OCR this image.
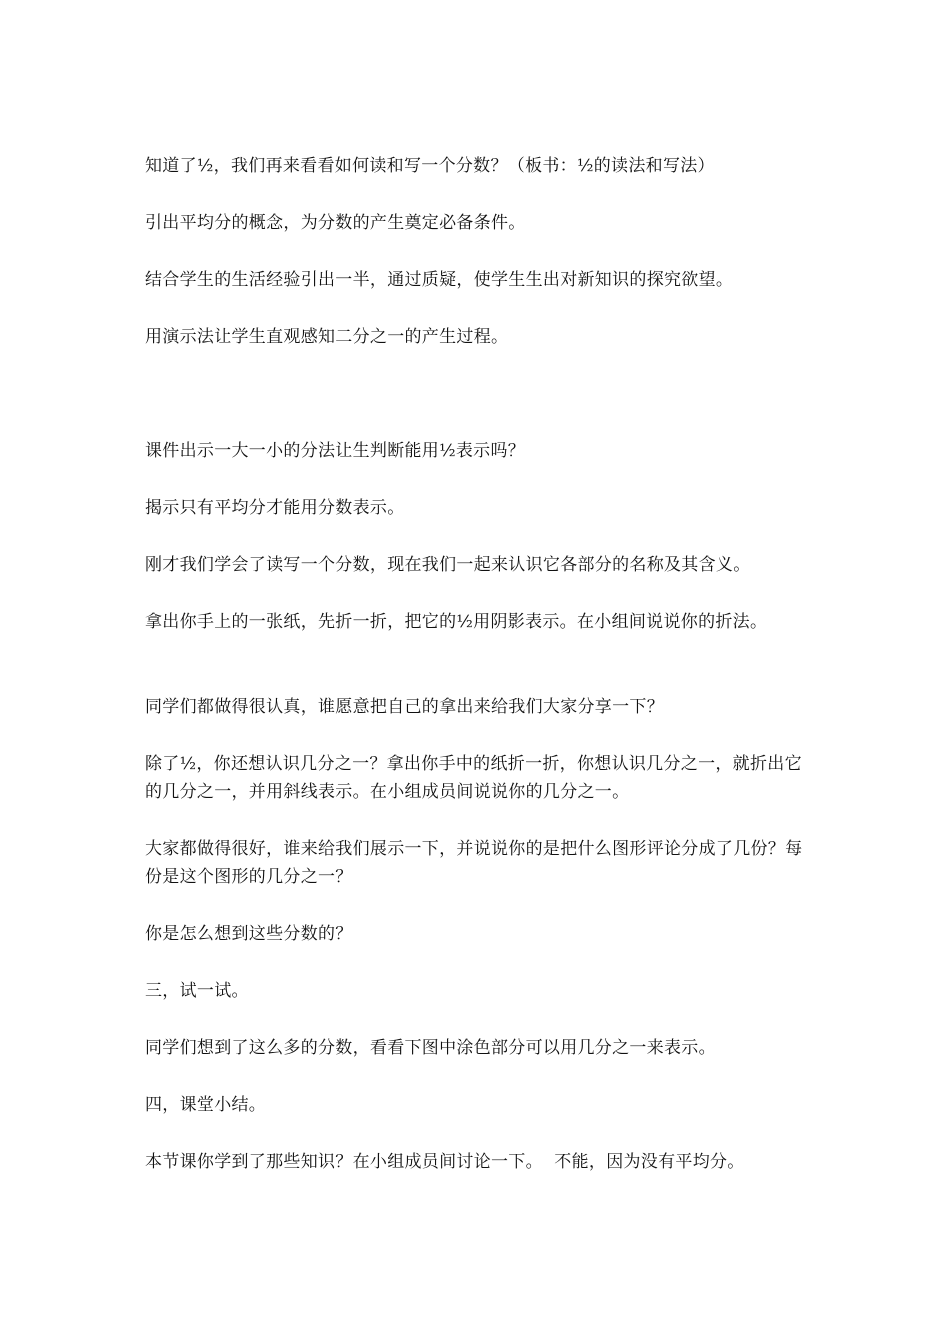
知道了½，我们再来看看如何读和写一个分数？（板书：½的读法和写法）

引出平均分的概念，为分数的产生奠定必备条件。

结合学生的生活经验引出一半，通过质疑，使学生生出对新知识的探究欲望。

用演示法让学生直观感知二分之一的产生过程。

课件出示一大一小的分法让生判断能用½表示吗？

揭示只有平均分才能用分数表示。

刚才我们学会了读写一个分数，现在我们一起来认识它各部分的名称及其含义。

拿出你手上的一张纸，先折一折，把它的½用阴影表示。在小组间说说你的折法。

同学们都做得很认真，谁愿意把自己的拿出来给我们大家分享一下？

除了½，你还想认识几分之一？拿出你手中的纸折一折，你想认识几分之一，就折出它的几分之一，并用斜线表示。在小组成员间说说你的几分之一。

大家都做得很好，谁来给我们展示一下，并说说你的是把什么图形评论分成了几份？每份是这个图形的几分之一？

你是怎么想到这些分数的？

三，试一试。

同学们想到了这么多的分数，看看下图中涂色部分可以用几分之一来表示。

四，课堂小结。

本节课你学到了那些知识？在小组成员间讨论一下。  不能，因为没有平均分。
